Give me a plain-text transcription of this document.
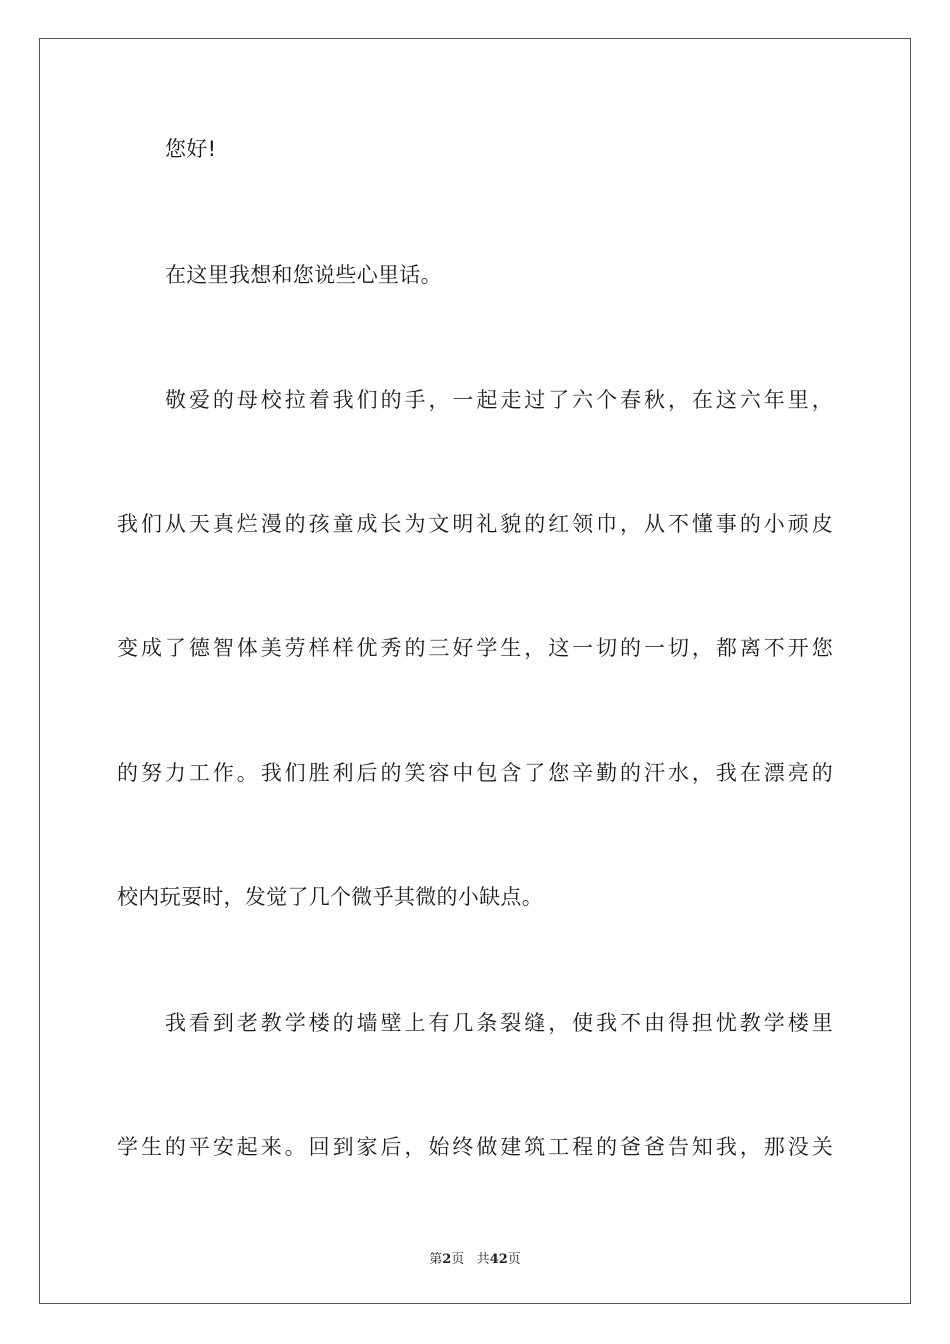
您好!
在这里我想和您说些心里话。
敬爱的母校拉着我们的手，一起走过了六个春秋，在这六年里，
我们从天真烂漫的孩童成长为文明礼貌的红领巾，从不懂事的小顽皮
变成了德智体美劳样样优秀的三好学生，这一切的一切，都离不开您
的努力工作。我们胜利后的笑容中包含了您辛勤的汗水，我在漂亮的
校内玩耍时，发觉了几个微乎其微的小缺点。
我看到老教学楼的墙壁上有几条裂缝，使我不由得担忧教学楼里
学生的平安起来。回到家后，始终做建筑工程的爸爸告知我，那没关
第2页 共42页
